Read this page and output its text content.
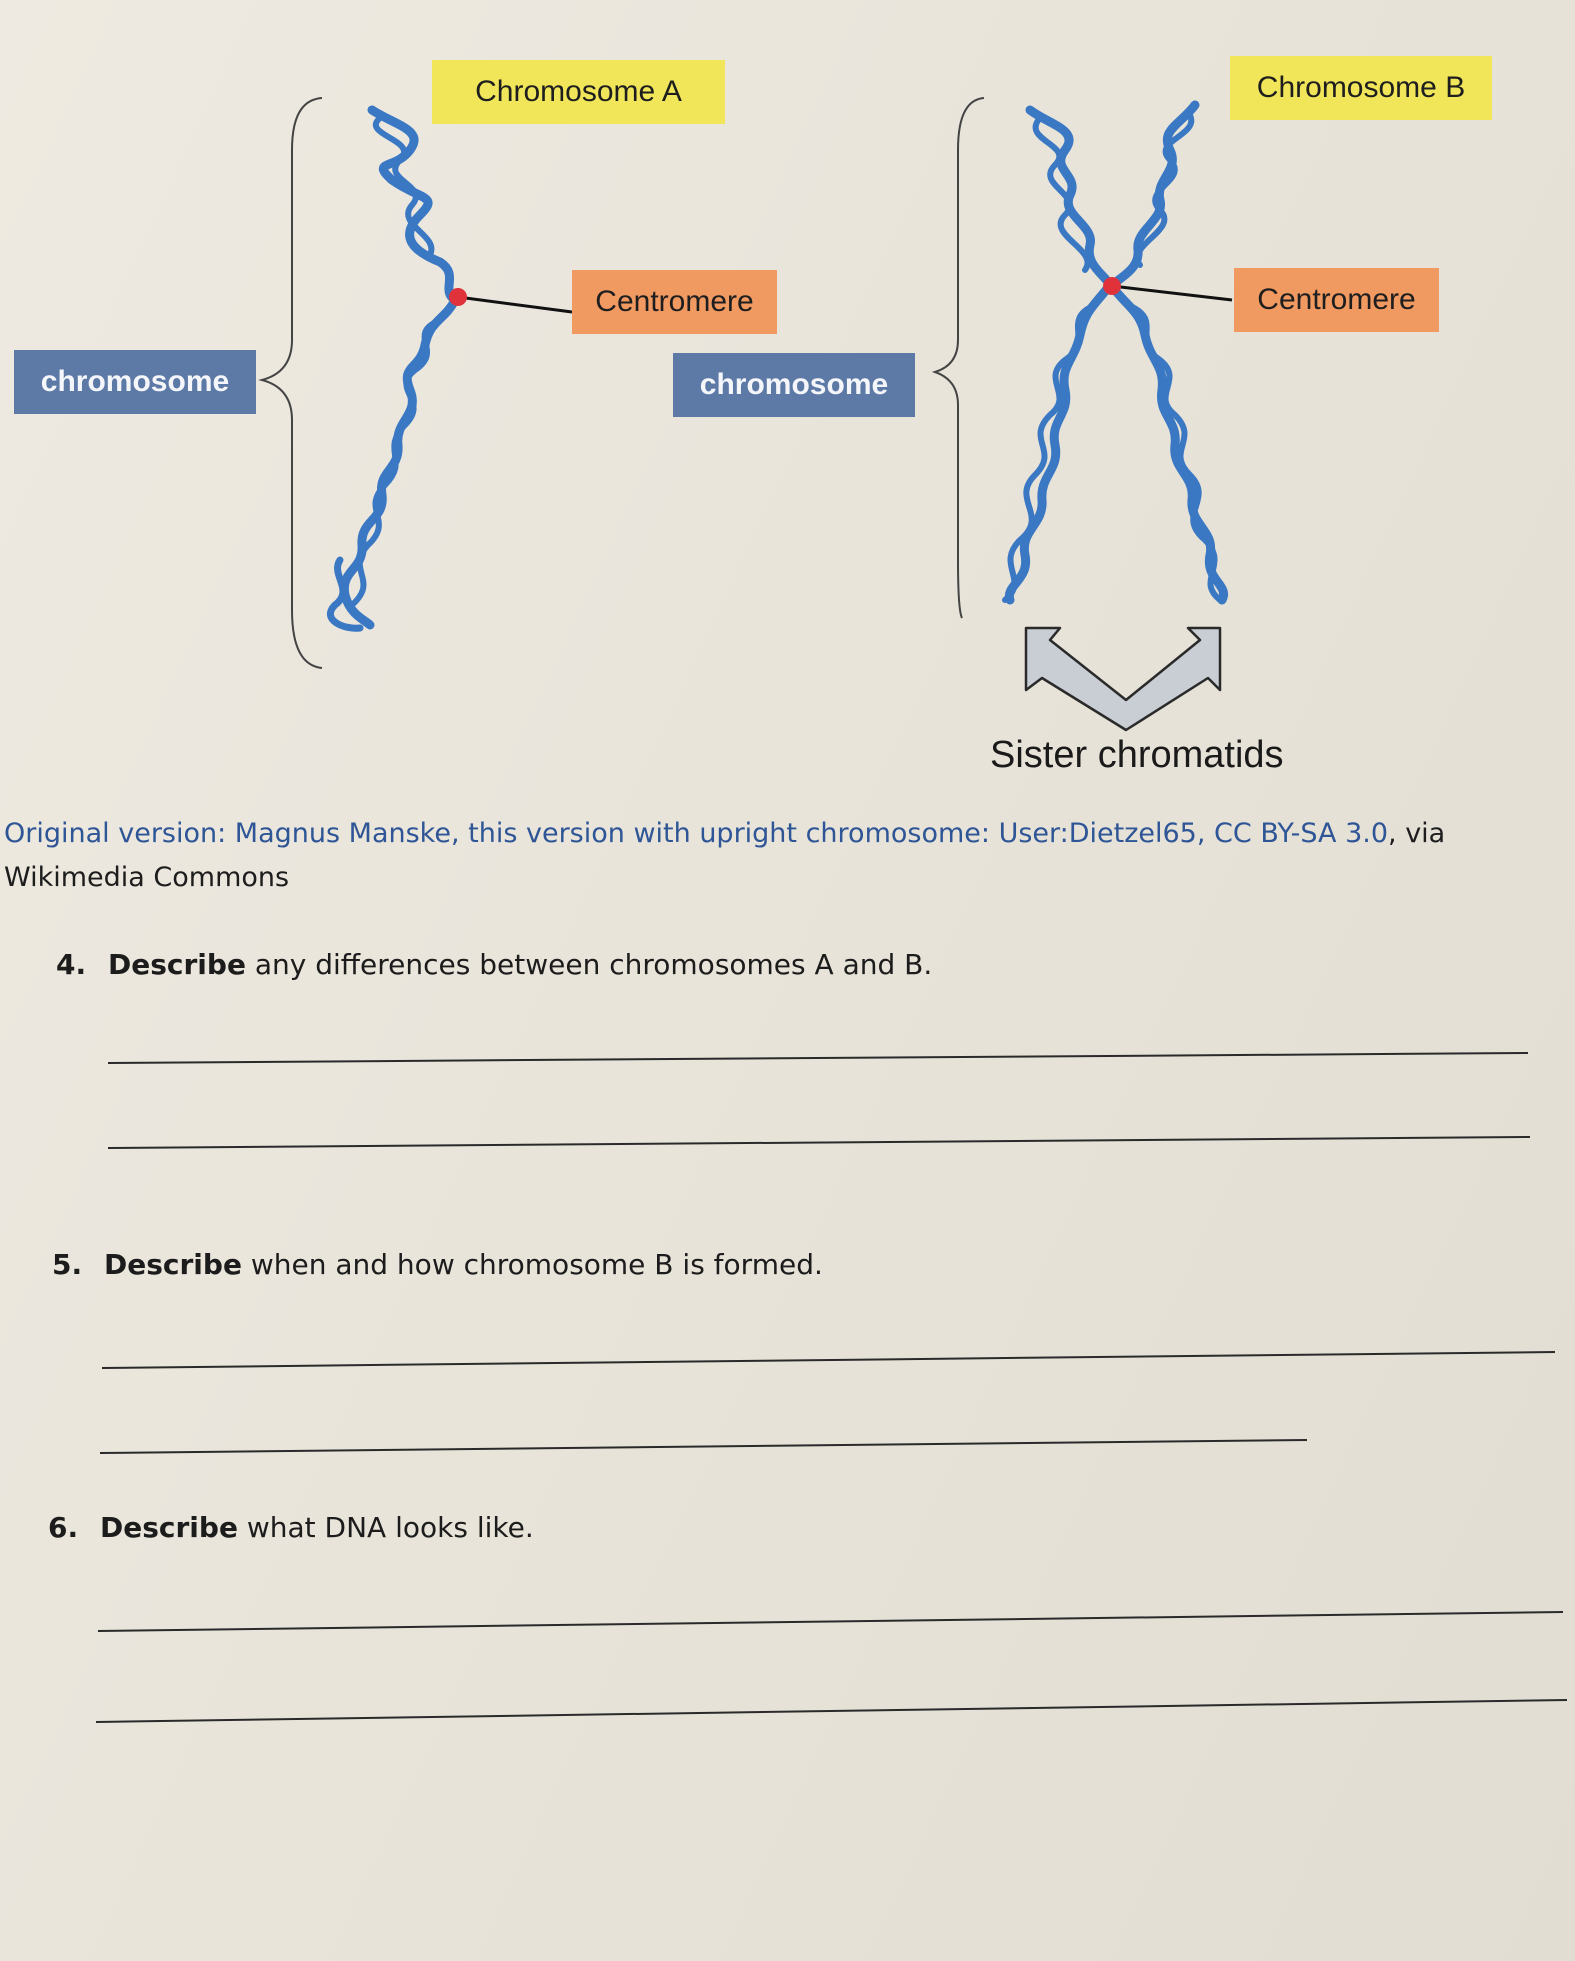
Chromosome A	Chromosome B
Centromere	Centromere
chromosome	chromosome
Sister chromatids
Original version: Magnus Manske, this version with upright chromosome: User:Dietzel65, CC BY-SA 3.0, via Wikimedia Commons
4. Describe any differences between chromosomes A and B.
5. Describe when and how chromosome B is formed.
6. Describe what DNA looks like.
